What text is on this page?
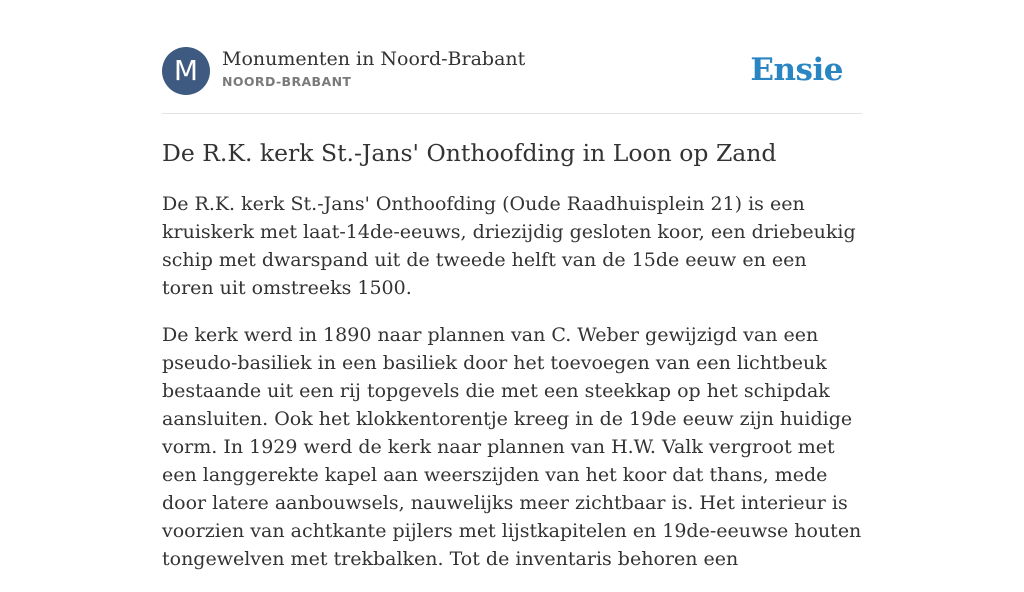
M	Monumenten in Noord-Brabant
NOORD-BRABANT	Ensie
De R.K. kerk St.-Jans' Onthoofding in Loon op Zand

De R.K. kerk St.-Jans' Onthoofding (Oude Raadhuisplein 21) is een kruiskerk met laat-14de-eeuws, driezijdig gesloten koor, een driebeukig schip met dwarspand uit de tweede helft van de 15de eeuw en een toren uit omstreeks 1500.

De kerk werd in 1890 naar plannen van C. Weber gewijzigd van een pseudo-basiliek in een basiliek door het toevoegen van een lichtbeuk bestaande uit een rij topgevels die met een steekkap op het schipdak aansluiten. Ook het klokkentorentje kreeg in de 19de eeuw zijn huidige vorm. In 1929 werd de kerk naar plannen van H.W. Valk vergroot met een langgerekte kapel aan weerszijden van het koor dat thans, mede door latere aanbouwsels, nauwelijks meer zichtbaar is. Het interieur is voorzien van achtkante pijlers met lijstkapitelen en 19de-eeuwse houten tongewelven met trekbalken. Tot de inventaris behoren een
